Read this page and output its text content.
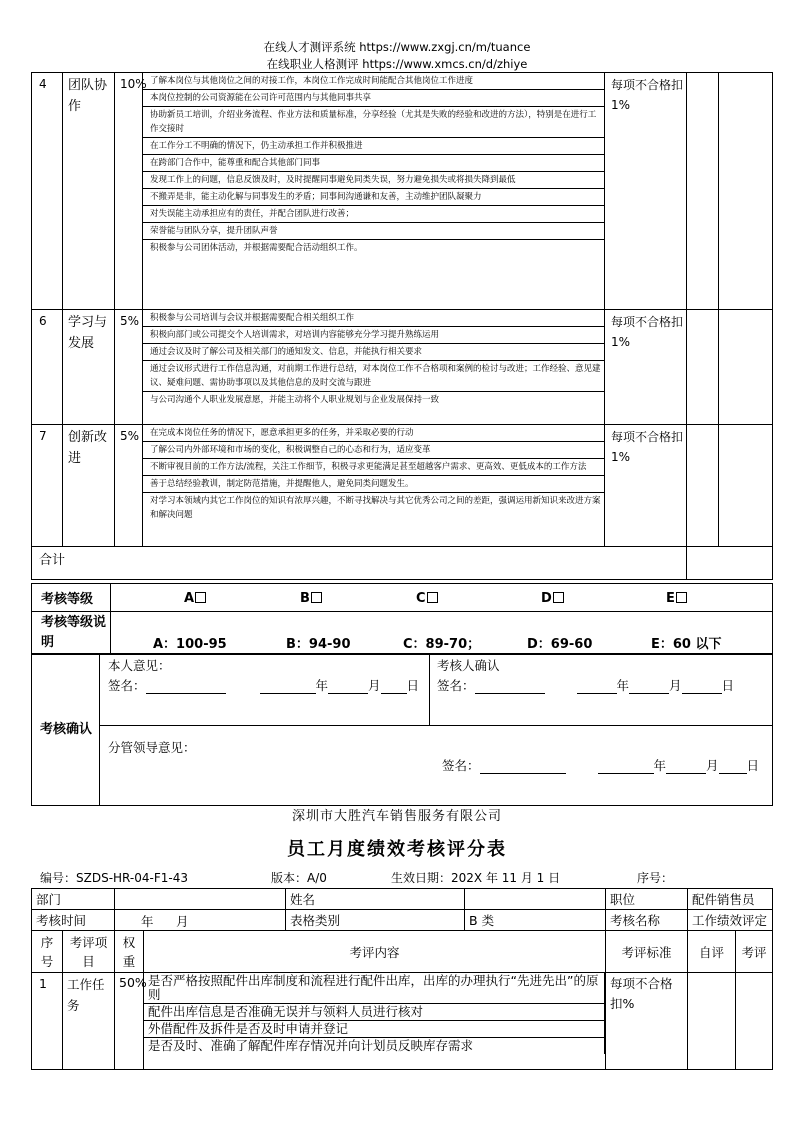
在线人才测评系统 https://www.zxgj.cn/m/tuance
在线职业人格测评 https://www.xmcs.cn/d/zhiye
4	团队协作	10%	了解本岗位与其他岗位之间的对接工作，本岗位工作完成时间能配合其他岗位工作进度
本岗位控制的公司资源能在公司许可范围内与其他同事共享
协助新员工培训，介绍业务流程、作业方法和质量标准，分享经验（尤其是失败的经验和改进的方法），特别是在进行工作交接时
在工作分工不明确的情况下，仍主动承担工作并积极推进
在跨部门合作中，能尊重和配合其他部门同事
发现工作上的问题，信息反馈及时，及时提醒同事避免同类失误，努力避免损失或将损失降到最低
不搬弄是非，能主动化解与同事发生的矛盾；同事间沟通谦和友善，主动维护团队凝聚力
对失误能主动承担应有的责任，并配合团队进行改善；
荣誉能与团队分享，提升团队声誉
积极参与公司团体活动，并根据需要配合活动组织工作。
	每项不合格扣 1%		
6	学习与发展	5%	积极参与公司培训与会议并根据需要配合相关组织工作
积极向部门或公司提交个人培训需求，对培训内容能够充分学习提升熟练运用
通过会议及时了解公司及相关部门的通知发文、信息，并能执行相关要求
通过会议形式进行工作信息沟通，对前期工作进行总结，对本岗位工作不合格项和案例的检讨与改进；工作经验、意见建议、疑难问题、需协助事项以及其他信息的及时交流与跟进
与公司沟通个人职业发展意愿，并能主动将个人职业规划与企业发展保持一致
	每项不合格扣 1%		
7	创新改进	5%	在完成本岗位任务的情况下，愿意承担更多的任务，并采取必要的行动
了解公司内外部环境和市场的变化，积极调整自己的心态和行为，适应变革
不断审视目前的工作方法/流程，关注工作细节，积极寻求更能满足甚至超越客户需求、更高效、更低成本的工作方法
善于总结经验教训，制定防范措施，并提醒他人，避免同类问题发生。
对学习本领域内其它工作岗位的知识有浓厚兴趣，不断寻找解决与其它优秀公司之间的差距，强调运用新知识来改进方案和解决问题
	每项不合格扣 1%		
合计	
考核等级	A B C D E

考核等级说明	A：100-95 B：94-90 C：89-70； D：69-60 E：60 以下
考核确认	
本人意见：
签名：	年	月 日

考核人确认
签名：	年	月	日

分管领导意见：
签名：	年	月 日
深圳市大胜汽车销售服务有限公司
员工月度绩效考核评分表
编号：SZDS-HR-04-F1-43	版本：A/0	生效日期：202X 年 11 月 1 日	序号：
部门		姓名		职位	配件销售员
考核时间	年 月	表格类别	B 类	考核名称	工作绩效评定
序号	考评项目	权重	考评内容	考评标准	自评	考评

1	工作任务	50%	是否严格按照配件出库制度和流程进行配件出库，出库的办理执行“先进先出”的原则
配件出库信息是否准确无误并与领料人员进行核对
外借配件及拆件是否及时申请并登记
是否及时、准确了解配件库存情况并向计划员反映库存需求
	每项不合格扣%	
